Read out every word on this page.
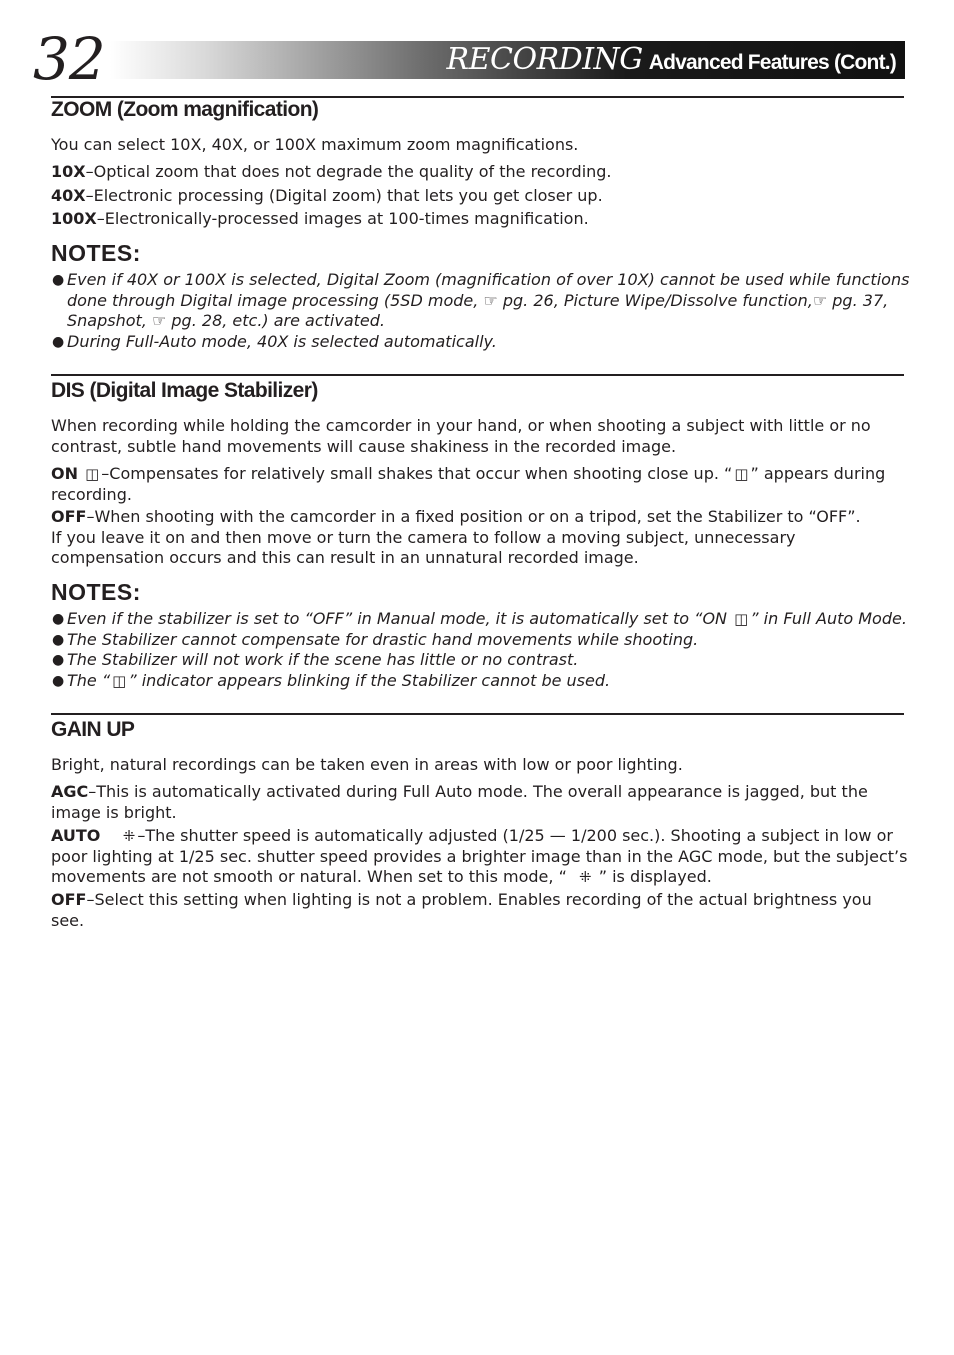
32	RECORDING Advanced Features (Cont.)
ZOOM (Zoom magnification)

You can select 10X, 40X, or 100X maximum zoom magnifications.

10X–Optical zoom that does not degrade the quality of the recording.

40X–Electronic processing (Digital zoom) that lets you get closer up.

100X–Electronically-processed images at 100-times magnification.

NOTES:
● Even if 40X or 100X is selected, Digital Zoom (magnification of over 10X) cannot be used while functions done through Digital image processing (5SD mode, ☞ pg. 26, Picture Wipe/Dissolve function,☞ pg. 37, Snapshot, ☞ pg. 28, etc.) are activated.
● During Full-Auto mode, 40X is selected automatically.
DIS (Digital Image Stabilizer)

When recording while holding the camcorder in your hand, or when shooting a subject with little or no contrast, subtle hand movements will cause shakiness in the recorded image.

ON ◫ –Compensates for relatively small shakes that occur when shooting close up. “ ◫ ” appears during recording.

OFF–When shooting with the camcorder in a fixed position or on a tripod, set the Stabilizer to “OFF”.
If you leave it on and then move or turn the camera to follow a moving subject, unnecessary compensation occurs and this can result in an unnatural recorded image.

NOTES:
● Even if the stabilizer is set to “OFF” in Manual mode, it is automatically set to “ON ◫ ” in Full Auto Mode.
● The Stabilizer cannot compensate for drastic hand movements while shooting.
● The Stabilizer will not work if the scene has little or no contrast.
● The “ ◫ ” indicator appears blinking if the Stabilizer cannot be used.
GAIN UP

Bright, natural recordings can be taken even in areas with low or poor lighting.

AGC–This is automatically activated during Full Auto mode. The overall appearance is jagged, but the image is bright.

AUTO ⁜ –The shutter speed is automatically adjusted (1/25 — 1/200 sec.). Shooting a subject in low or poor lighting at 1/25 sec. shutter speed provides a brighter image than in the AGC mode, but the subject’s movements are not smooth or natural. When set to this mode, “ ⁜ ” is displayed.

OFF–Select this setting when lighting is not a problem. Enables recording of the actual brightness you see.
